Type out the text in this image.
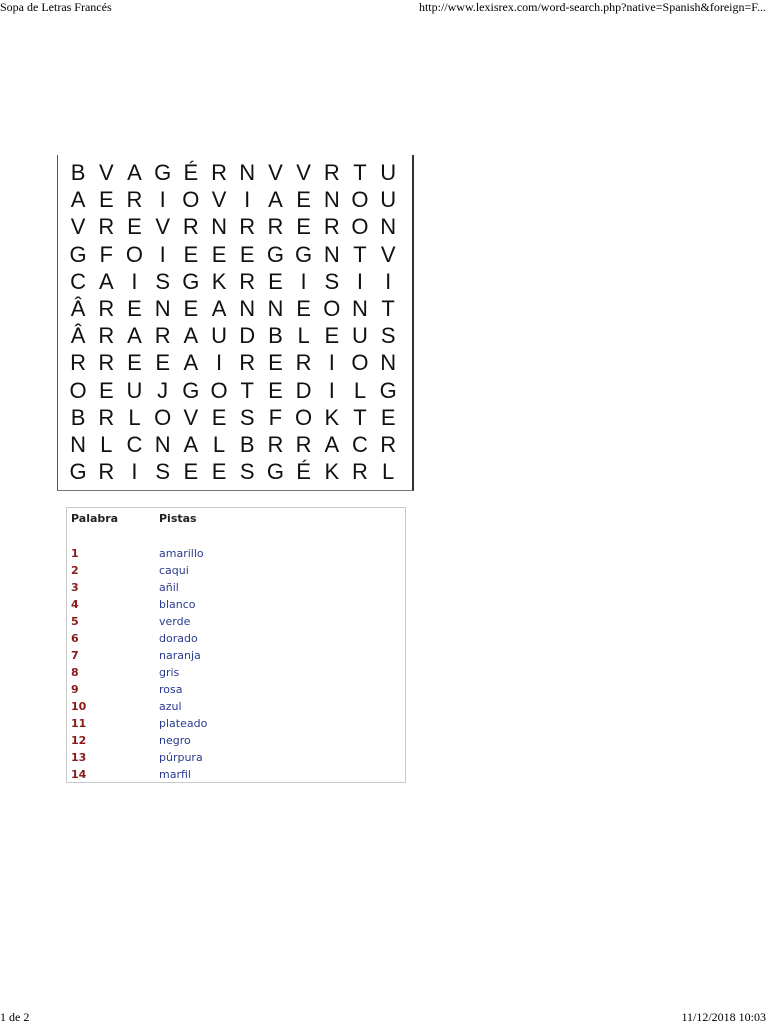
Sopa de Letras Francés	http://www.lexisrex.com/word-search.php?native=Spanish&foreign=F...
B V A G É R N V V R T U
A E R I O V I A E N O U
V R E V R N R R E R O N
G F O I E E E G G N T V
C A I S G K R E I S I	I
Â R E N E A N N E O N T
Â R A R A U D B L E U S
R R E E A I R E R I O N
O E U J G O T E D I L G
B R L O V E S F O K T E
N L C N A L B R R A C R
G R I S E E S G É K R L
Palabra	Pistas
1	amarillo
2	caqui
3	añil
4	blanco
5	verde
6	dorado
7	naranja
8	gris
9	rosa
10	azul
11	plateado
12	negro
13	púrpura
14	marfil
1 de 2	11/12/2018 10:03
